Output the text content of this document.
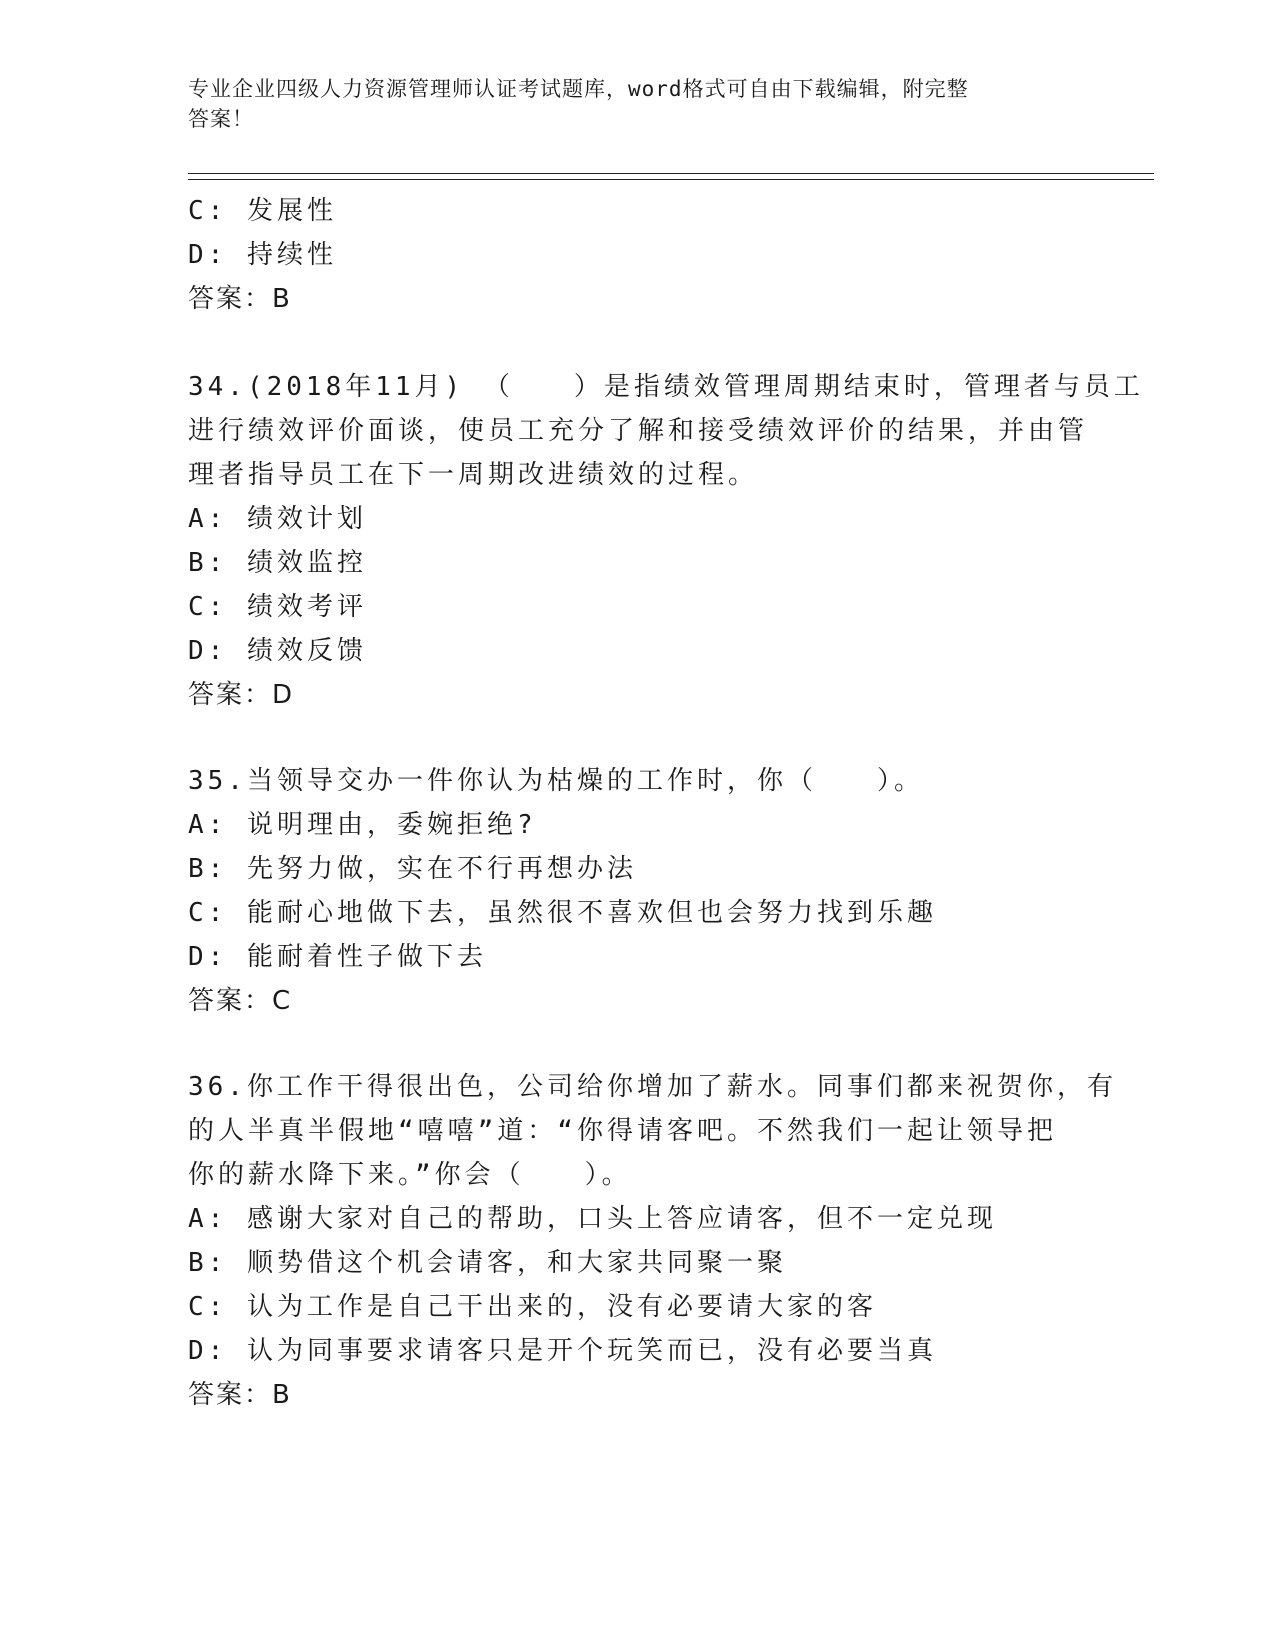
专业企业四级人力资源管理师认证考试题库，word格式可自由下载编辑，附完整
答案！
C: 发展性
D: 持续性
答案：B
34.(2018年11月) （　　）是指绩效管理周期结束时，管理者与员工
进行绩效评价面谈，使员工充分了解和接受绩效评价的结果，并由管
理者指导员工在下一周期改进绩效的过程。
A: 绩效计划
B: 绩效监控
C: 绩效考评
D: 绩效反馈
答案：D
35.当领导交办一件你认为枯燥的工作时，你（　　）。
A: 说明理由，委婉拒绝?
B: 先努力做，实在不行再想办法
C: 能耐心地做下去，虽然很不喜欢但也会努力找到乐趣
D: 能耐着性子做下去
答案：C
36.你工作干得很出色，公司给你增加了薪水。同事们都来祝贺你，有
的人半真半假地“嘻嘻”道：“你得请客吧。不然我们一起让领导把
你的薪水降下来。”你会（　　）。
A: 感谢大家对自己的帮助，口头上答应请客，但不一定兑现
B: 顺势借这个机会请客，和大家共同聚一聚
C: 认为工作是自己干出来的，没有必要请大家的客
D: 认为同事要求请客只是开个玩笑而已，没有必要当真
答案：B
